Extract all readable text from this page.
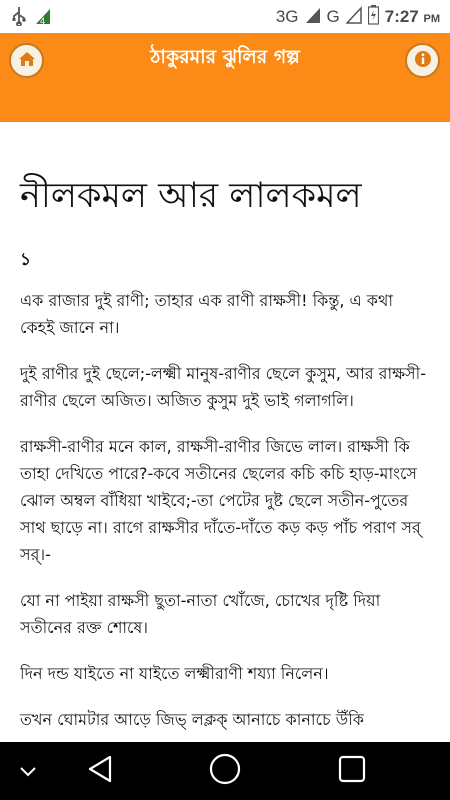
4	3G G	7:27 PM
ঠাকুরমার ঝুলির গল্প
নীলকমল আর লালকমল
১

এক রাজার দুই রাণী; তাহার এক রাণী রাক্ষসী! কিন্তু, এ কথা কেহই জানে না।

দুই রাণীর দুই ছেলে;-লক্ষ্মী মানুষ-রাণীর ছেলে কুসুম, আর রাক্ষসী-রাণীর ছেলে অজিত। অজিত কুসুম দুই ভাই গলাগলি।

রাক্ষসী-রাণীর মনে কাল, রাক্ষসী-রাণীর জিভে লাল। রাক্ষসী কি তাহা দেখিতে পারে?-কবে সতীনের ছেলের কচি কচি হাড়-মাংসে ঝোল অম্বল বাঁধিয়া খাইবে;-তা পেটের দুষ্ট ছেলে সতীন-পুতের সাথ ছাড়ে না। রাগে রাক্ষসীর দাঁতে-দাঁতে কড় কড় পাঁচ পরাণ সর্ সর্।-

যো না পাইয়া রাক্ষসী ছুতা-নাতা খোঁজে, চোখের দৃষ্টি দিয়া সতীনের রক্ত শোষে।

দিন দন্ড যাইতে না যাইতে লক্ষ্মীরাণী শয্যা নিলেন।

তখন ঘোমটার আড়ে জিভ্ লক্লক্ আনাচে কানাচে উঁকি
